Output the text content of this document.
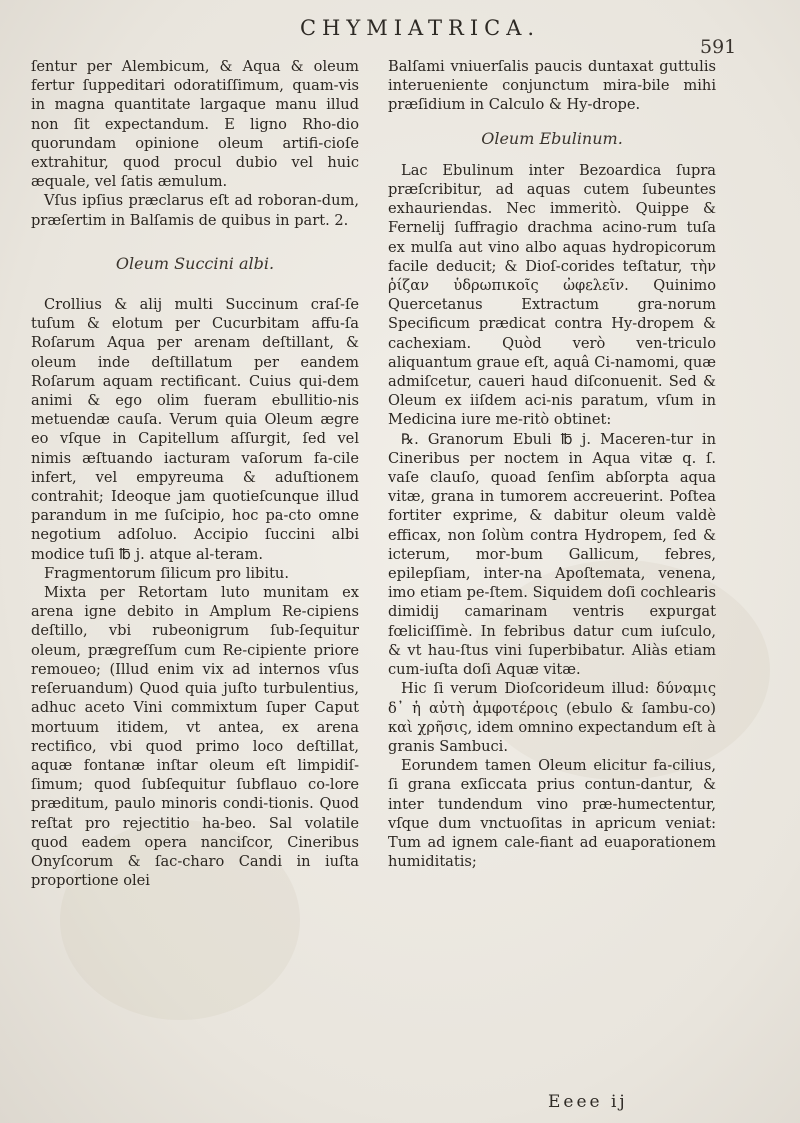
CHYMIATRICA.
591

ſentur per Alembicum, & Aqua & oleum fertur ſuppeditari odoratiſſimum, quam-vis in magna quantitate largaque manu illud non ſit expectandum. E ligno Rho-dio quorundam opinione oleum artifi-cioſe extrahitur, quod procul dubio vel huic æquale, vel ſatis æmulum.

Vſus ipſius præclarus eſt ad roboran-dum, præſertim in Balſamis de quibus in part. 2.

Oleum Succini albi.

Crollius & alij multi Succinum craſ-ſe tuſum & elotum per Cucurbitam affu-ſa Roſarum Aqua per arenam deſtillant, & oleum inde deſtillatum per eandem Roſarum aquam rectificant. Cuius qui-dem animi & ego olim fueram ebullitio-nis metuendæ cauſa. Verum quia Oleum ægre eo vſque in Capitellum aſſurgit, ſed vel nimis æſtuando iacturam vaſorum fa-cile infert, vel empyreuma & aduſtionem contrahit; Ideoque jam quotieſcunque illud parandum in me ſuſcipio, hoc pa-cto omne negotium adſoluo. Accipio ſuccini albi modice tuſi ℔ j. atque al-teram.

Fragmentorum ſilicum pro libitu.

Mixta per Retortam luto munitam ex arena igne debito in Amplum Re-cipiens deſtillo, vbi rubeonigrum ſub-ſequitur oleum, prægreſſum cum Re-cipiente priore remoueo; (Illud enim vix ad internos vſus reſeruandum) Quod quia juſto turbulentius, adhuc aceto Vini commixtum ſuper Caput mortuum itidem, vt antea, ex arena rectifico, vbi quod primo loco deſtillat, aquæ fontanæ inſtar oleum eſt limpidiſ-ſimum; quod ſubſequitur ſubflauo co-lore præditum, paulo minoris condi-tionis. Quod reſtat pro rejectitio ha-beo. Sal volatile quod eadem opera nanciſcor, Cineribus Onyſcorum & ſac-charo Candi in iuſta proportione olei

Balſami vniuerſalis paucis duntaxat guttulis interueniente conjunctum mira-bile mihi præſidium in Calculo & Hy-drope.

Oleum Ebulinum.

Lac Ebulinum inter Bezoardica ſupra præſcribitur, ad aquas cutem ſubeuntes exhauriendas. Nec immeritò. Quippe & Fernelij ſuffragio drachma acino-rum tuſa ex mulſa aut vino albo aquas hydropicorum facile deducit; & Dioſ-corides teſtatur, τὴν ῥίζαν ὑδρωπικοῖς ὠφελεῖν. Quinimo Quercetanus Extractum gra-norum Specificum prædicat contra Hy-dropem & cachexiam. Quòd verò ven-triculo aliquantum graue eſt, aquâ Ci-namomi, quæ admiſcetur, caueri haud diſconuenit. Sed & Oleum ex iiſdem aci-nis paratum, vſum in Medicina iure me-ritò obtinet:

℞. Granorum Ebuli ℔ j. Maceren-tur in Cineribus per noctem in Aqua vitæ q. ſ. vaſe clauſo, quoad ſenſim abſorpta aqua vitæ, grana in tumorem accreuerint. Poſtea fortiter exprime, & dabitur oleum valdè efficax, non ſolùm contra Hydropem, ſed & icterum, mor-bum Gallicum, febres, epilepſiam, inter-na Apoſtemata, venena, imo etiam pe-ſtem. Siquidem doſi cochlearis dimidij camarinam ventris expurgat fœliciſſimè. In febribus datur cum iuſculo, & vt hau-ſtus vini ſuperbibatur. Aliàs etiam cum-iuſta doſi Aquæ vitæ.

Hic ſi verum Dioſcorideum illud: δύναμις δ᾽ ἡ αὐτὴ ἀμφοτέροις (ebulo & ſambu-co) καὶ χρῆσις, idem omnino expectandum eſt à granis Sambuci.

Eorundem tamen Oleum elicitur fa-cilius, ſi grana exſiccata prius contun-dantur, & inter tundendum vino præ-humectentur, vſque dum vnctuoſitas in apricum veniat: Tum ad ignem cale-fiant ad euaporationem humiditatis;

Eeee ij
